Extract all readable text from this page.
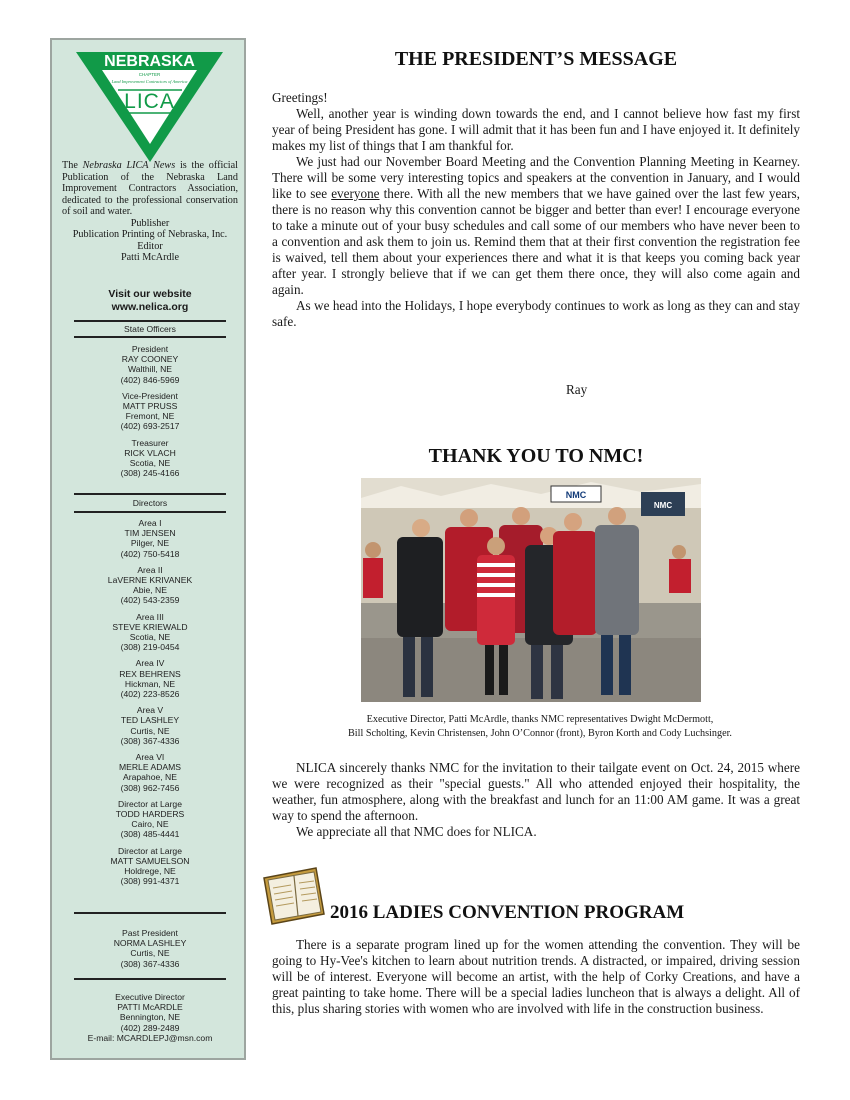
NEBRASKA
CHAPTER
Land Improvement Contractors of America
LICA
The Nebraska LICA News is the official Publication of the Nebraska Land Improvement Contractors Association, dedicated to the professional conservation of soil and water.
Publisher
Publication Printing of Nebraska, Inc.
Editor
Patti McArdle
Visit our website
www.nelica.org
State Officers
President
RAY COONEY
Walthill, NE
(402) 846-5969
Vice-President
MATT PRUSS
Fremont, NE
(402) 693-2517
Treasurer
RICK VLACH
Scotia, NE
(308) 245-4166
Directors
Area I
TIM JENSEN
Pilger, NE
(402) 750-5418
Area II
LaVERNE KRIVANEK
Abie, NE
(402) 543-2359
Area III
STEVE KRIEWALD
Scotia, NE
(308) 219-0454
Area IV
REX BEHRENS
Hickman, NE
(402) 223-8526
Area V
TED LASHLEY
Curtis, NE
(308) 367-4336
Area VI
MERLE ADAMS
Arapahoe, NE
(308) 962-7456
Director at Large
TODD HARDERS
Cairo, NE
(308) 485-4441
Director at Large
MATT SAMUELSON
Holdrege, NE
(308) 991-4371
Past President
NORMA LASHLEY
Curtis, NE
(308) 367-4336
Executive Director
PATTI McARDLE
Bennington, NE
(402) 289-2489
E-mail: MCARDLEPJ@msn.com
THE PRESIDENT’S MESSAGE

Greetings!

Well, another year is winding down towards the end, and I cannot believe how fast my first year of being President has gone. I will admit that it has been fun and I have enjoyed it. It definitely makes my list of things that I am thankful for.

We just had our November Board Meeting and the Convention Planning Meeting in Kearney. There will be some very interesting topics and speakers at the convention in January, and I would like to see everyone there. With all the new members that we have gained over the last few years, there is no reason why this convention cannot be bigger and better than ever! I encourage everyone to take a minute out of your busy schedules and call some of our members who have never been to a convention and ask them to join us. Remind them that at their first convention the registration fee is waived, tell them about your experiences there and what it is that keeps you coming back year after year. I strongly believe that if we can get them there once, they will also come again and again.

As we head into the Holidays, I hope everybody continues to work as long as they can and stay safe.

Ray
THANK YOU TO NMC!
NMC
NMC
Executive Director, Patti McArdle, thanks NMC representatives Dwight McDermott,
Bill Scholting, Kevin Christensen, John O’Connor (front), Byron Korth and Cody Luchsinger.

NLICA sincerely thanks NMC for the invitation to their tailgate event on Oct. 24, 2015 where we were recognized as their "special guests." All who attended enjoyed their hospitality, the weather, fun atmosphere, along with the breakfast and lunch for an 11:00 AM game. It was a great way to spend the afternoon.

We appreciate all that NMC does for NLICA.

2016 LADIES CONVENTION PROGRAM

There is a separate program lined up for the women attending the convention. They will be going to Hy-Vee's kitchen to learn about nutrition trends. A distracted, or impaired, driving session will be of interest. Everyone will become an artist, with the help of Corky Creations, and have a great painting to take home. There will be a special ladies luncheon that is always a delight. All of this, plus sharing stories with women who are involved with life in the construction business.
